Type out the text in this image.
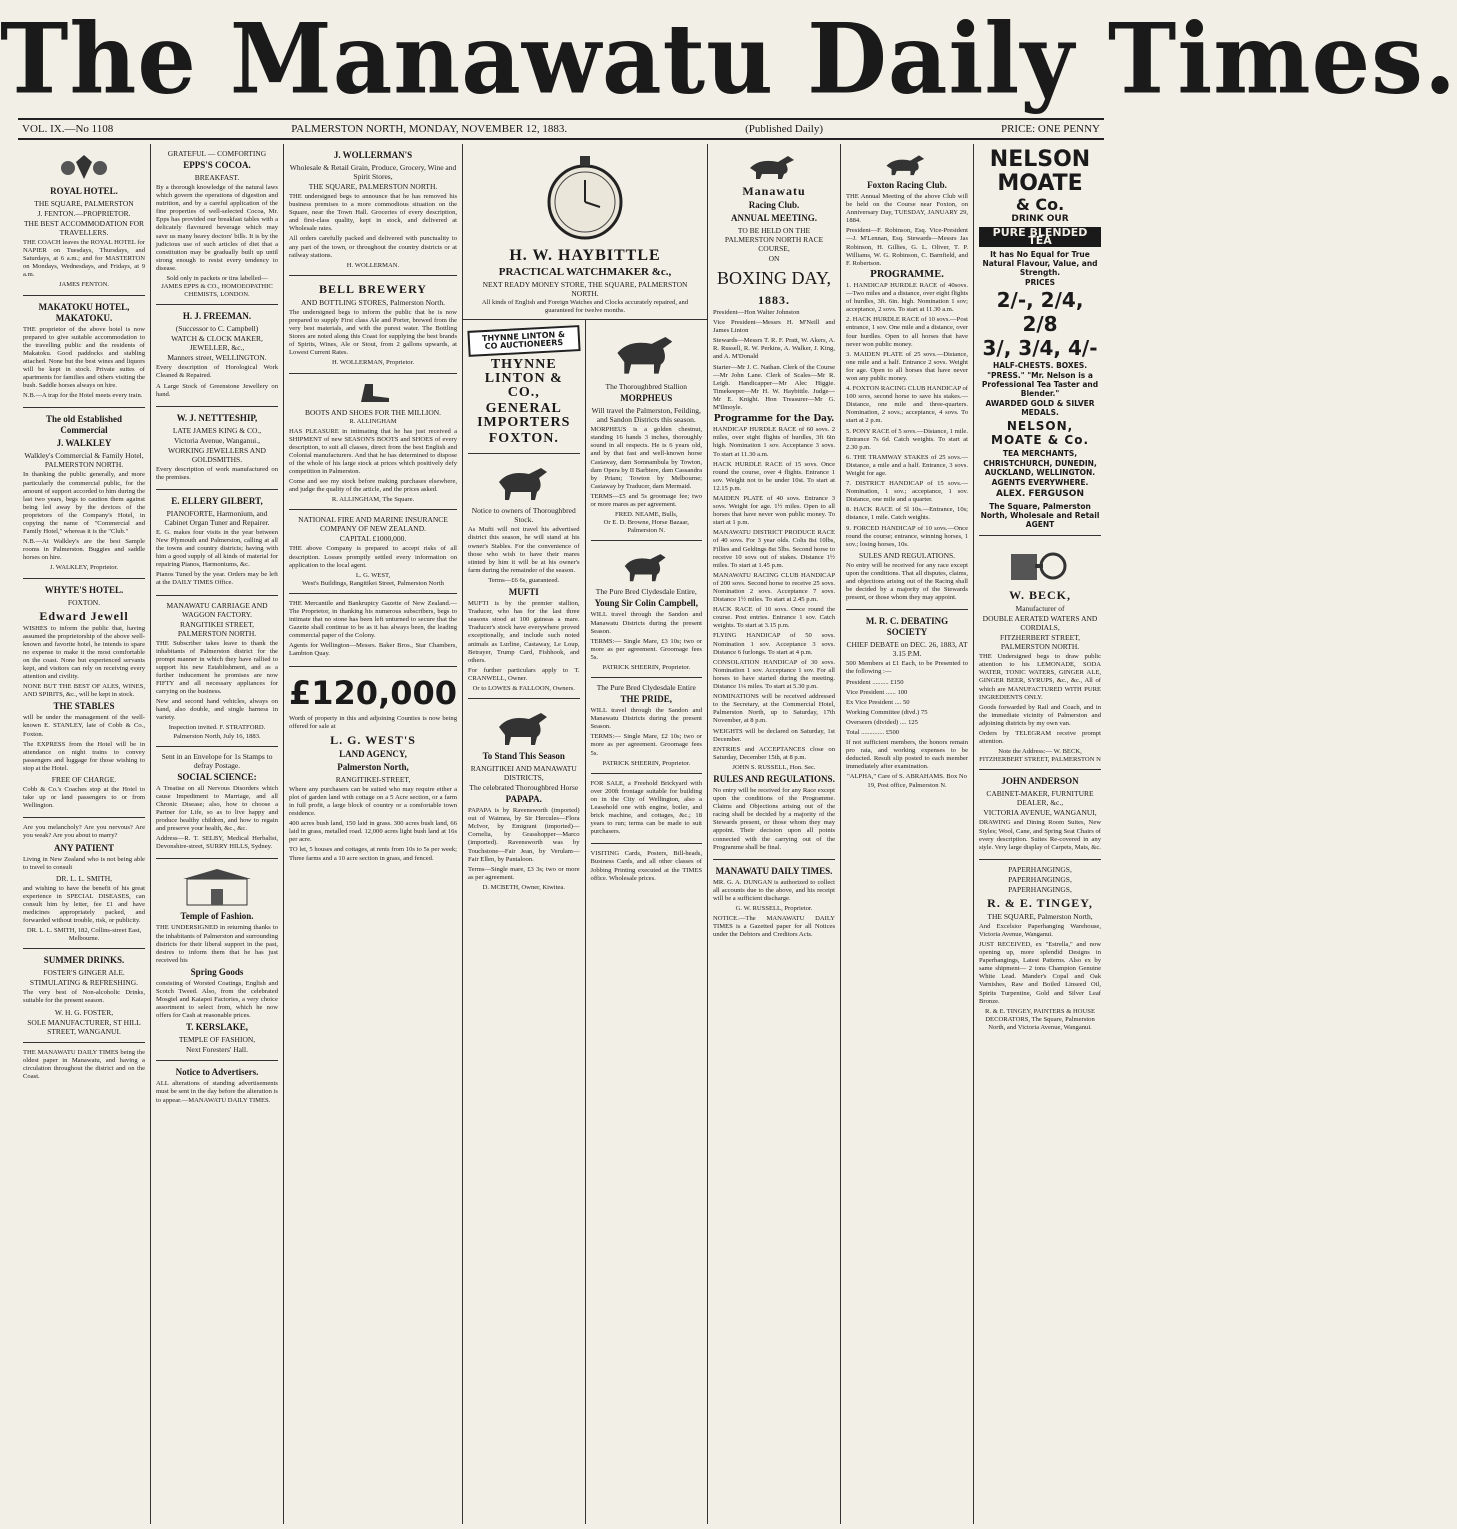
The Manawatu Daily Times.
VOL. IX.—No 1108	PALMERSTON NORTH, MONDAY, NOVEMBER 12, 1883.	(Published Daily)	PRICE: ONE PENNY
ROYAL HOTEL.
THE SQUARE, PALMERSTON
J. FENTON.—PROPRIETOR.
THE BEST ACCOMMODATION FOR TRAVELLERS.
THE COACH leaves the ROYAL HOTEL for NAPIER on Tuesdays, Thursdays, and Saturdays, at 6 a.m.; and for MASTERTON on Mondays, Wednesdays, and Fridays, at 9 a.m.
JAMES FENTON.
MAKATOKU HOTEL, MAKATOKU.
THE proprietor of the above hotel is now prepared to give suitable accommodation to the travelling public and the residents of Makatoku. Good paddocks and stabling attached. None but the best wines and liquors will be kept in stock. Private suites of apartments for families and others visiting the bush. Saddle horses always on hire.
N.B.—A trap for the Hotel meets every train.
The old Established Commercial
J. WALKLEY
Walkley's Commercial & Family Hotel, PALMERSTON NORTH.
In thanking the public generally, and more particularly the commercial public, for the amount of support accorded to him during the last two years, begs to caution them against being led away by the devices of the proprietors of the Company's Hotel, in copying the name of "Commercial and Family Hotel," whereas it is the "Club."
N.B.—At Walkley's are the best Sample rooms in Palmerston. Buggies and saddle horses on hire.
J. WALKLEY, Proprietor.
WHYTE'S HOTEL.
FOXTON.
Edward Jewell
WISHES to inform the public that, having assumed the proprietorship of the above well-known and favorite hotel, he intends to spare no expense to make it the most comfortable on the coast. None but experienced servants kept, and visitors can rely on receiving every attention and civility.
NONE BUT THE BEST OF ALES, WINES, AND SPIRITS, &c., will be kept in stock.
THE STABLES
will be under the management of the well-known E. STANLEY, late of Cobb & Co., Foxton.
The EXPRESS from the Hotel will be in attendance on night trains to convey passengers and luggage for those wishing to stop at the Hotel.
FREE OF CHARGE.
Cobb & Co.'s Coaches stop at the Hotel to take up or land passengers to or from Wellington.
Are you melancholy? Are you nervous? Are you weak? Are you about to marry?
ANY PATIENT
Living in New Zealand who is not being able to travel to consult
DR. L. L. SMITH,
and wishing to have the benefit of his great experience in SPECIAL DISEASES, can consult him by letter, fee £1 and have medicines appropriately packed, and forwarded without trouble, risk, or publicity.
DR. L. L. SMITH, 182, Collins-street East, Melbourne.
SUMMER DRINKS.
FOSTER'S GINGER ALE.
STIMULATING & REFRESHING.
The very best of Non-alcoholic Drinks, suitable for the present season.
W. H. G. FOSTER,
SOLE MANUFACTURER, ST HILL STREET, WANGANUI.
THE MANAWATU DAILY TIMES being the oldest paper in Manawatu, and having a circulation throughout the district and on the Coast.
GRATEFUL — COMFORTING
EPPS'S COCOA.
BREAKFAST.
By a thorough knowledge of the natural laws which govern the operations of digestion and nutrition, and by a careful application of the fine properties of well-selected Cocoa, Mr. Epps has provided our breakfast tables with a delicately flavoured beverage which may save us many heavy doctors' bills. It is by the judicious use of such articles of diet that a constitution may be gradually built up until strong enough to resist every tendency to disease.
Sold only in packets or tins labelled—
JAMES EPPS & CO., HOMOEOPATHIC CHEMISTS, LONDON.
H. J. FREEMAN.
(Successor to C. Campbell)
WATCH & CLOCK MAKER, JEWELLER, &c.,
Manners street, WELLINGTON.
Every description of Horological Work Cleaned & Repaired.
A Large Stock of Greenstone Jewellery on hand.
W. J. NETTTESHIP,
LATE JAMES KING & CO.,
Victoria Avenue, Wanganui.,
WORKING JEWELLERS AND GOLDSMITHS.
Every description of work manufactured on the premises.
E. ELLERY GILBERT,
PIANOFORTE, Harmonium, and Cabinet Organ Tuner and Repairer.
E. G. makes four visits in the year between New Plymouth and Palmerston, calling at all the towns and country districts; having with him a good supply of all kinds of material for repairing Pianos, Harmoniums, &c.
Pianos Tuned by the year. Orders may be left at the DAILY TIMES Office.
MANAWATU CARRIAGE AND WAGGON FACTORY.
RANGITIKEI STREET, PALMERSTON NORTH.
THE Subscriber takes leave to thank the inhabitants of Palmerston district for the prompt manner in which they have rallied to support his new Establishment, and as a further inducement he promises are now FIFTY and all necessary appliances for carrying on the business.
New and second hand vehicles, always on hand, also double, and single harness in variety.
Inspection invited. F. STRATFORD.
Palmerston North, July 16, 1883.
Sent in an Envelope for 1s Stamps to defray Postage.
SOCIAL SCIENCE:
A Treatise on all Nervous Disorders which cause Impediment to Marriage, and all Chronic Disease; also, how to choose a Partner for Life, so as to live happy and produce healthy children, and how to regain and preserve your health, &c., &c.
Address—R. T. SELBY, Medical Herbalist, Devonshire-street, SURRY HILLS, Sydney.
Temple of Fashion.
THE UNDERSIGNED in returning thanks to the inhabitants of Palmerston and surrounding districts for their liberal support in the past, desires to inform them that he has just received his
Spring Goods
consisting of Worsted Coatings, English and Scotch Tweed. Also, from the celebrated Mosgiel and Kaiapoi Factories, a very choice assortment to select from, which he now offers for Cash at reasonable prices.
T. KERSLAKE,
TEMPLE OF FASHION,
Next Foresters' Hall.
Notice to Advertisers.
ALL alterations of standing advertisements must be sent in the day before the alteration is to appear.—MANAWATU DAILY TIMES.
J. WOLLERMAN'S
Wholesale & Retail Grain, Produce, Grocery, Wine and Spirit Stores,
THE SQUARE, PALMERSTON NORTH.
THE undersigned begs to announce that he has removed his business premises to a more commodious situation on the Square, near the Town Hall. Groceries of every description, and first-class quality, kept in stock, and delivered at Wholesale rates.
All orders carefully packed and delivered with punctuality to any part of the town, or throughout the country districts or at railway stations.
H. WOLLERMAN.
BELL BREWERY
AND BOTTLING STORES, Palmerston North.
The undersigned begs to inform the public that he is now prepared to supply First class Ale and Porter, brewed from the very best materials, and with the purest water. The Bottling Stores are noted along this Coast for supplying the best brands of Spirits, Wines, Ale or Stout, from 2 gallons upwards, at Lowest Current Rates.
H. WOLLERMAN, Proprietor.
BOOTS AND SHOES FOR THE MILLION.
R. ALLINGHAM
HAS PLEASURE in intimating that he has just received a SHIPMENT of new SEASON'S BOOTS and SHOES of every description, to suit all classes, direct from the best English and Colonial manufacturers. And that he has determined to dispose of the whole of his large stock at prices which positively defy competition in Palmerston.
Come and see my stock before making purchases elsewhere, and judge the quality of the article, and the prices asked.
R. ALLINGHAM, The Square.
NATIONAL FIRE AND MARINE INSURANCE COMPANY OF NEW ZEALAND.
CAPITAL £1000,000.
THE above Company is prepared to accept risks of all description. Losses promptly settled every information on application to the local agent.
L. G. WEST,
West's Buildings, Rangitikei Street, Palmerston North
THE Mercantile and Bankruptcy Gazette of New Zealand.—The Proprietor, in thanking his numerous subscribers, begs to intimate that no stone has been left unturned to secure that the Gazette shall continue to be as it has always been, the leading commercial paper of the Colony.
Agents for Wellington—Messrs. Baker Bros., Star Chambers, Lambton Quay.
£120,000
Worth of property in this and adjoining Counties is now being offered for sale at
L. G. WEST'S
LAND AGENCY,
Palmerston North,
RANGITIKEI-STREET,
Where any purchasers can be suited who may require either a plot of garden land with cottage on a 5 Acre section, or a farm in full profit, a large block of country or a comfortable town residence.
400 acres bush land, 150 laid in grass. 300 acres bush land, 66 laid in grass, metalled road. 12,000 acres light bush land at 16s per acre.
TO let, 5 houses and cottages, at rents from 10s to 5s per week; Three farms and a 10 acre section in grass, and fenced.
H. W. HAYBITTLE
PRACTICAL WATCHMAKER &c.,
NEXT READY MONEY STORE, THE SQUARE, PALMERSTON NORTH.
All kinds of English and Foreign Watches and Clocks accurately repaired, and guaranteed for twelve months.
THYNNE LINTON & CO AUCTIONEERS
THYNNE LINTON & CO.,
GENERAL IMPORTERS
FOXTON.
Notice to owners of Thoroughbred Stock.
As Mufti will not travel his advertised district this season, he will stand at his owner's Stables. For the convenience of those who wish to have their mares stinted by him it will be at his owner's farm during the remainder of the season.
Terms—£6 6s, guaranteed.
MUFTI
MUFTI is by the premier stallion, Traducer, who has for the last three seasons stood at 100 guineas a mare. Traducer's stock have everywhere proved exceptionally, and include such noted animals as Lurline, Castaway, Le Loup, Betrayer, Trump Card, Fishhook, and others.
For further particulars apply to T. CRANWELL, Owner.
Or to LOWES & FALLOON, Owners.
To Stand This Season
RANGITIKEI AND MANAWATU DISTRICTS,
The celebrated Thoroughbred Horse
PAPAPA.
PAPAPA is by Ravensworth (imported) out of Waimea, by Sir Hercules—Flora McIvor, by Emigrant (imported)—Cornelia, by Grasshopper—Marco (imported). Ravensworth was by Touchstone—Fair Jean, by Verulam—Fair Ellen, by Pantaloon.
Terms—Single mare, £3 3s; two or more as per agreement.
D. MCBETH, Owner, Kiwitea.
The Thoroughbred Stallion
MORPHEUS
Will travel the Palmerston, Feilding, and Sandon Districts this season.
MORPHEUS is a golden chestnut, standing 16 hands 3 inches, thoroughly sound in all respects. He is 6 years old, and by that fast and well-known horse Castaway, dam Somnambula by Towton, dam Opera by II Barbiere, dam Cassandra by Priam; Towton by Melbourne; Castaway by Traducer, dam Mermaid.
TERMS—£5 and 5s groomage fee; two or more mares as per agreement.
FRED. NEAME, Bulls,
Or E. D. Browne, Horse Bazaar, Palmerston N.
The Pure Bred Clydesdale Entire,
Young Sir Colin Campbell,
WILL travel through the Sandon and Manawatu Districts during the present Season.
TERMS:— Single Mare, £3 10s; two or more as per agreement. Groomage fees 5s.
PATRICK SHEERIN, Proprietor.
The Pure Bred Clydesdale Entire
THE PRIDE,
WILL travel through the Sandon and Manawatu Districts during the present Season.
TERMS:— Single Mare, £2 10s; two or more as per agreement. Groomage fees 5s.
PATRICK SHEERIN, Proprietor.
FOR SALE, a Freehold Brickyard with over 200ft frontage suitable for building on in the City of Wellington, also a Leasehold one with engine, boiler, and brick machine, and cottages, &c.; 18 years to run; terms can be made to suit purchasers.
VISITING Cards, Posters, Bill-heads, Business Cards, and all other classes of Jobbing Printing executed at the TIMES office. Wholesale prices.
Manawatu
Racing Club.
ANNUAL MEETING.
TO BE HELD ON THE PALMERSTON NORTH RACE COURSE,
ON
BOXING DAY,
1883.
President—Hon Walter Johnston
Vice President—Messrs H. M'Neill and James Linton
Stewards—Messrs T. R. F. Pratt, W. Akers, A. R. Russell, R. W. Perkins, A. Walker, J. King, and A. M'Donald
Starter—Mr J. C. Nathan. Clerk of the Course—Mr John Lane. Clerk of Scales—Mr R. Leigh. Handicapper—Mr Alec Higgie. Timekeeper—Mr H. W. Haybittle. Judge—Mr E. Knight. Hon Treasurer—Mr G. M'Ilmoyle.
Programme for the Day.
HANDICAP HURDLE RACE of 60 sovs. 2 miles, over eight flights of hurdles, 3ft 6in high. Nomination 1 sov. Acceptance 3 sovs. To start at 11.30 a.m.
HACK HURDLE RACE of 15 sovs. Once round the course, over 4 flights. Entrance 1 sov. Weight not to be under 10st. To start at 12.15 p.m.
MAIDEN PLATE of 40 sovs. Entrance 3 sovs. Weight for age. 1½ miles. Open to all horses that have never won public money. To start at 1 p.m.
MANAWATU DISTRICT PRODUCE RACE of 40 sovs. For 3 year olds. Colts 8st 10lbs, Fillies and Geldings 8st 5lbs. Second horse to receive 10 sovs out of stakes. Distance 1½ miles. To start at 1.45 p.m.
MANAWATU RACING CLUB HANDICAP of 200 sovs. Second horse to receive 25 sovs. Nomination 2 sovs. Acceptance 7 sovs. Distance 1½ miles. To start at 2.45 p.m.
HACK RACE of 10 sovs. Once round the course. Post entries. Entrance 1 sov. Catch weights. To start at 3.15 p.m.
FLYING HANDICAP of 50 sovs. Nomination 1 sov. Acceptance 3 sovs. Distance 6 furlongs. To start at 4 p.m.
CONSOLATION HANDICAP of 30 sovs. Nomination 1 sov. Acceptance 1 sov. For all horses to have started during the meeting. Distance 1¼ miles. To start at 5.30 p.m.
NOMINATIONS will be received addressed to the Secretary, at the Commercial Hotel, Palmerston North, up to Saturday, 17th November, at 8 p.m.
WEIGHTS will be declared on Saturday, 1st December.
ENTRIES and ACCEPTANCES close on Saturday, December 15th, at 8 p.m.
JOHN S. RUSSELL, Hon. Sec.
RULES AND REGULATIONS.
No entry will be received for any Race except upon the conditions of the Programme. Claims and Objections arising out of the racing shall be decided by a majority of the Stewards present, or those whom they may appoint. Their decision upon all points connected with the carrying out of the Programme shall be final.
MANAWATU DAILY TIMES.
MR. G. A. DUNGAN is authorized to collect all accounts due to the above, and his receipt will be a sufficient discharge.
G. W. RUSSELL, Proprietor.
NOTICE.—The MANAWATU DAILY TIMES is a Gazetted paper for all Notices under the Debtors and Creditors Acts.
Foxton Racing Club.
THE Annual Meeting of the above Club will be held on the Course near Foxton, on Anniversary Day, TUESDAY, JANUARY 29, 1884.
President—F. Robinson, Esq. Vice-President—J. M'Lennan, Esq. Stewards—Messrs Jas Robinson, H. Gillies, G. L. Oliver, T. P. Williams, W. G. Robinson, C. Barnfield, and F. Robertson.
PROGRAMME.
1. HANDICAP HURDLE RACE of 40sovs.—Two miles and a distance, over eight flights of hurdles, 3ft. 6in. high. Nomination 1 sov; acceptance, 2 sovs. To start at 11.30 a.m.
2. HACK HURDLE RACE of 10 sovs.—Post entrance, 1 sov. One mile and a distance, over four hurdles. Open to all horses that have never won public money.
3. MAIDEN PLATE of 25 sovs.—Distance, one mile and a half. Entrance 2 sovs. Weight for age. Open to all horses that have never won any public money.
4. FOXTON RACING CLUB HANDICAP of 100 sovs, second horse to save his stakes.—Distance, one mile and three-quarters. Nomination, 2 sovs.; acceptance, 4 sovs. To start at 2 p.m.
5. PONY RACE of 5 sovs.—Distance, 1 mile. Entrance 7s 6d. Catch weights. To start at 2.30 p.m.
6. THE TRAMWAY STAKES of 25 sovs.—Distance, a mile and a half. Entrance, 3 sovs. Weight for age.
7. DISTRICT HANDICAP of 15 sovs.—Nomination, 1 sov.; acceptance, 1 sov. Distance, one mile and a quarter.
8. HACK RACE of 5l 10s.—Entrance, 10s; distance, 1 mile. Catch weights.
9. FORCED HANDICAP of 10 sovs.—Once round the course; entrance, winning horses, 1 sov.; losing horses, 10s.
SULES AND REGULATIONS.
No entry will be received for any race except upon the conditions. That all disputes, claims, and objections arising out of the Racing shall be decided by a majority of the Stewards present, or those whom they may appoint.
M. R. C. DEBATING SOCIETY
CHIEF DEBATE on DEC. 26, 1883, AT 3.15 P.M.
500 Members at £1 Each, to be Presented to the following :—
President .......... £150
Vice President ...... 100
Ex Vice President .... 50
Working Committee (divd.) 75
Overseers (divided) .... 125
Total .............. £500
If not sufficient members, the honors remain pro rata, and working expenses to be deducted. Result slip posted to each member immediately after examination.
"ALPHA," Care of S. ABRAHAMS. Box No 19, Post office, Palmerston N.
NELSON
MOATE
& Co.
DRINK OUR
PURE BLENDED TEA
It has No Equal for True Natural Flavour, Value, and Strength.
PRICES
2/-, 2/4, 2/8
3/, 3/4, 4/-
HALF-CHESTS. BOXES.
"PRESS." "Mr. Nelson is a Professional Tea Taster and Blender."
AWARDED GOLD & SILVER MEDALS.
NELSON, MOATE & Co.
TEA MERCHANTS,
CHRISTCHURCH, DUNEDIN, AUCKLAND, WELLINGTON.
AGENTS EVERYWHERE.
ALEX. FERGUSON
The Square, Palmerston North, Wholesale and Retail AGENT
W. BECK,
Manufacturer of
DOUBLE AERATED WATERS AND CORDIALS,
FITZHERBERT STREET, PALMERSTON NORTH.
THE Undersigned begs to draw public attention to his LEMONADE, SODA WATER, TONIC WATERS, GINGER ALE, GINGER BEER, SYRUPS, &c., &c., All of which are MANUFACTURED WITH PURE INGREDIENTS ONLY.
Goods forwarded by Rail and Coach, and in the immediate vicinity of Palmerston and adjoining districts by my own van.
Orders by TELEGRAM receive prompt attention.
Note the Address:— W. BECK, FITZHERBERT STREET, PALMERSTON N
JOHN ANDERSON
CABINET-MAKER, FURNITURE DEALER, &c.,
VICTORIA AVENUE, WANGANUI,
DRAWING and Dining Room Suites, New Styles; Wool, Cane, and Spring Seat Chairs of every description. Suites Re-covered in any style. Very large display of Carpets, Mats, &c.
PAPERHANGINGS,
PAPERHANGINGS,
PAPERHANGINGS,
R. & E. TINGEY,
THE SQUARE, Palmerston North,
And Excelsior Paperhanging Warehouse, Victoria Avenue, Wanganui.
JUST RECEIVED, ex "Estrella," and now opening up, more splendid Designs in Paperhangings, Latest Patterns. Also ex by same shipment— 2 tons Champion Genuine White Lead. Mander's Copal and Oak Varnishes, Raw and Boiled Linseed Oil, Spirits Turpentine, Gold and Silver Leaf Bronze.
R. & E. TINGEY, PAINTERS & HOUSE DECORATORS, The Square, Palmerston North, and Victoria Avenue, Wanganui.
